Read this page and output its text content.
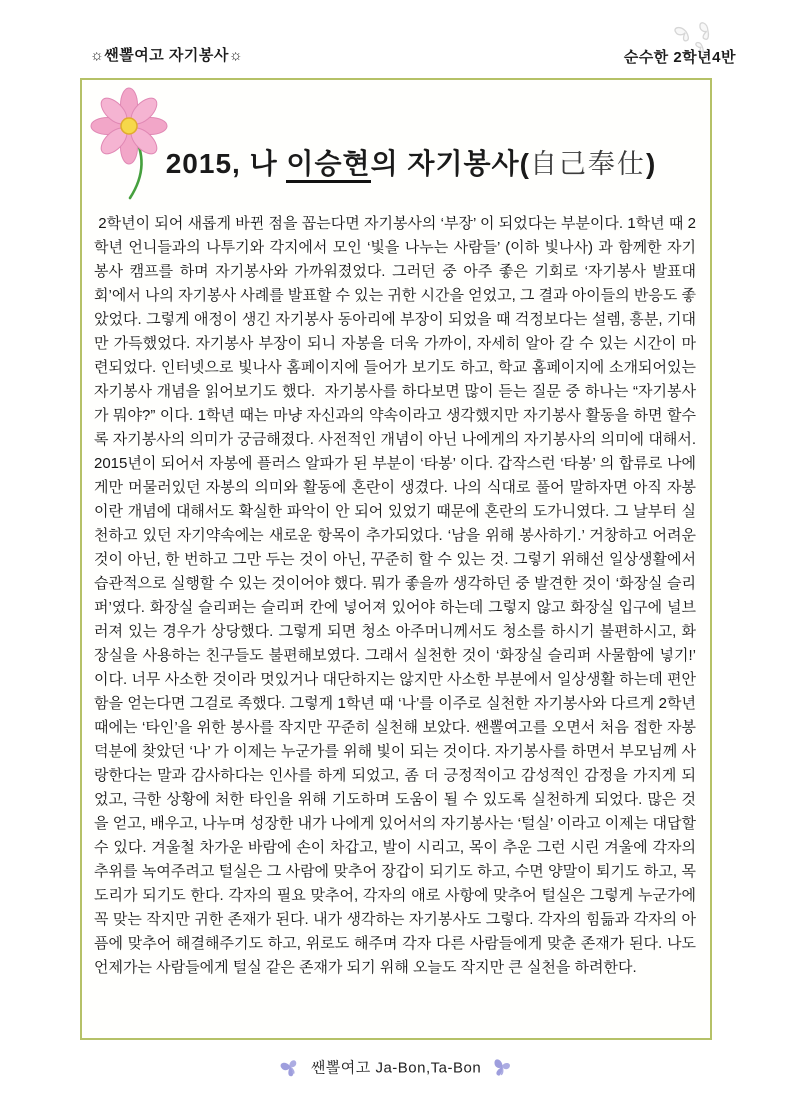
☼쌘뽈여고 자기봉사☼	순수한 2학년4반
2015, 나 이승현의 자기봉사(自己奉仕)
2학년이 되어 새롭게 바뀐 점을 꼽는다면 자기봉사의 ‘부장’ 이 되었다는 부분이다. 1학년 때 2학년 언니들과의 나투기와 각지에서 모인 ‘빛을 나누는 사람들’ (이하 빛나사) 과 함께한 자기봉사 캠프를 하며 자기봉사와 가까워졌었다. 그러던 중 아주 좋은 기회로 ‘자기봉사 발표대회’에서 나의 자기봉사 사례를 발표할 수 있는 귀한 시간을 얻었고, 그 결과 아이들의 반응도 좋았었다. 그렇게 애정이 생긴 자기봉사 동아리에 부장이 되었을 때 걱정보다는 설렘, 흥분, 기대만 가득했었다. 자기봉사 부장이 되니 자봉을 더욱 가까이, 자세히 알아 갈 수 있는 시간이 마련되었다. 인터넷으로 빛나사 홈페이지에 들어가 보기도 하고, 학교 홈페이지에 소개되어있는 자기봉사 개념을 읽어보기도 했다.  자기봉사를 하다보면 많이 듣는 질문 중 하나는 “자기봉사가 뭐야?” 이다. 1학년 때는 마냥 자신과의 약속이라고 생각했지만 자기봉사 활동을 하면 할수록 자기봉사의 의미가 궁금해졌다. 사전적인 개념이 아닌 나에게의 자기봉사의 의미에 대해서. 2015년이 되어서 자봉에 플러스 알파가 된 부분이 ‘타봉’ 이다. 갑작스런 ‘타봉’ 의 합류로 나에게만 머물러있던 자봉의 의미와 활동에 혼란이 생겼다. 나의 식대로 풀어 말하자면 아직 자봉이란 개념에 대해서도 확실한 파악이 안 되어 있었기 때문에 혼란의 도가니였다. 그 날부터 실천하고 있던 자기약속에는 새로운 항목이 추가되었다. ‘남을 위해 봉사하기.’ 거창하고 어려운 것이 아닌, 한 번하고 그만 두는 것이 아닌, 꾸준히 할 수 있는 것. 그렇기 위해선 일상생활에서 습관적으로 실행할 수 있는 것이어야 했다. 뭐가 좋을까 생각하던 중 발견한 것이 ‘화장실 슬리퍼’였다. 화장실 슬리퍼는 슬리퍼 칸에 넣어져 있어야 하는데 그렇지 않고 화장실 입구에 널브러져 있는 경우가 상당했다. 그렇게 되면 청소 아주머니께서도 청소를 하시기 불편하시고, 화장실을 사용하는 친구들도 불편해보였다. 그래서 실천한 것이 ‘화장실 슬리퍼 사물함에 넣기!’ 이다. 너무 사소한 것이라 멋있거나 대단하지는 않지만 사소한 부분에서 일상생활 하는데 편안함을 얻는다면 그걸로 족했다. 그렇게 1학년 때 ‘나’를 이주로 실천한 자기봉사와 다르게 2학년때에는 ‘타인’을 위한 봉사를 작지만 꾸준히 실천해 보았다. 쌘뽈여고를 오면서 처음 접한 자봉 덕분에 찾았던 ‘나’ 가 이제는 누군가를 위해 빛이 되는 것이다. 자기봉사를 하면서 부모님께 사랑한다는 말과 감사하다는 인사를 하게 되었고, 좀 더 긍정적이고 감성적인 감정을 가지게 되었고, 극한 상황에 처한 타인을 위해 기도하며 도움이 될 수 있도록 실천하게 되었다. 많은 것을 얻고, 배우고, 나누며 성장한 내가 나에게 있어서의 자기봉사는 ‘털실’ 이라고 이제는 대답할 수 있다. 겨울철 차가운 바람에 손이 차갑고, 발이 시리고, 목이 추운 그런 시린 겨울에 각자의 추위를 녹여주려고 털실은 그 사람에 맞추어 장갑이 되기도 하고, 수면 양말이 퇴기도 하고, 목도리가 되기도 한다. 각자의 필요 맞추어, 각자의 애로 사항에 맞추어 털실은 그렇게 누군가에 꼭 맞는 작지만 귀한 존재가 된다. 내가 생각하는 자기봉사도 그렇다. 각자의 힘듦과 각자의 아픔에 맞추어 해결해주기도 하고, 위로도 해주며 각자 다른 사람들에게 맞춘 존재가 된다. 나도 언제가는 사람들에게 털실 같은 존재가 되기 위해 오늘도 작지만 큰 실천을 하려한다.
쌘뽈여고 Ja-Bon,Ta-Bon
